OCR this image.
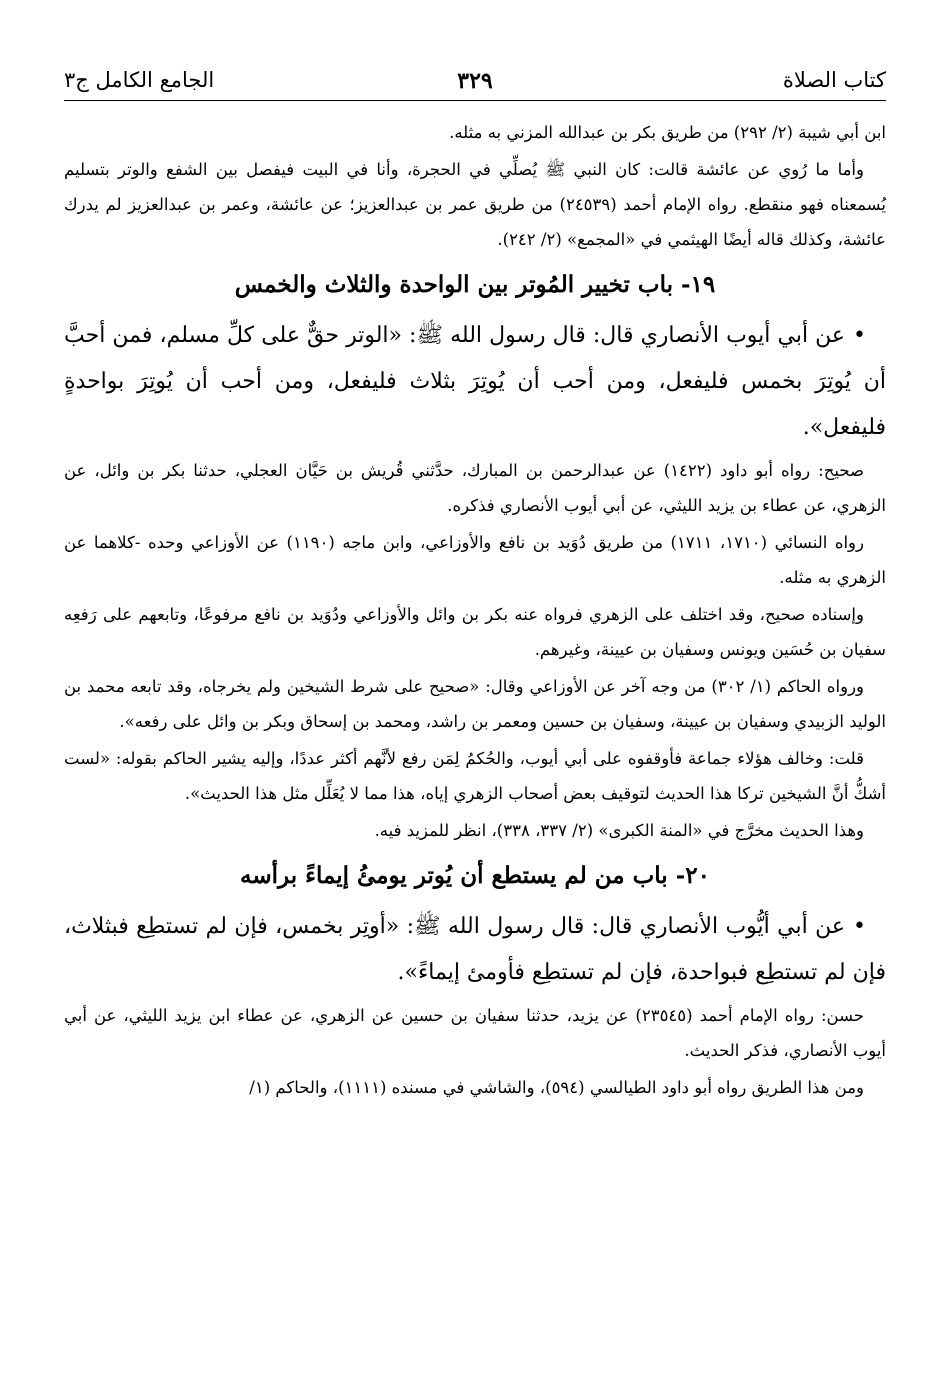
كتاب الصلاة
٣٢٩
الجامع الكامل ج٣

ابن أبي شيبة (٢/ ٢٩٢) من طريق بكر بن عبدالله المزني به مثله.

وأما ما رُوي عن عائشة قالت: كان النبي ﷺ يُصلِّي في الحجرة، وأنا في البيت فيفصل بين الشفع والوتر بتسليم يُسمعناه فهو منقطع. رواه الإمام أحمد (٢٤٥٣٩) من طريق عمر بن عبدالعزيز؛ عن عائشة، وعمر بن عبدالعزيز لم يدرك عائشة، وكذلك قاله أيضًا الهيثمي في «المجمع» (٢/ ٢٤٢).

١٩- باب تخيير المُوتر بين الواحدة والثلاث والخمس

•عن أبي أيوب الأنصاري قال: قال رسول الله ﷺ: «الوتر حقٌّ على كلِّ مسلم، فمن أحبَّ أن يُوتِرَ بخمس فليفعل، ومن أحب أن يُوتِرَ بثلاث فليفعل، ومن أحب أن يُوتِرَ بواحدةٍ فليفعل».

صحيح: رواه أبو داود (١٤٢٢) عن عبدالرحمن بن المبارك، حدَّثني قُريش بن حَيَّان العجلي، حدثنا بكر بن وائل، عن الزهري، عن عطاء بن يزيد الليثي، عن أبي أيوب الأنصاري فذكره.

رواه النسائي (١٧١٠، ١٧١١) من طريق دُوَيد بن نافع والأوزاعي، وابن ماجه (١١٩٠) عن الأوزاعي وحده -كلاهما عن الزهري به مثله.

وإسناده صحيح، وقد اختلف على الزهري فرواه عنه بكر بن وائل والأوزاعي ودُوَيد بن نافع مرفوعًا، وتابعهم على رَفعِه سفيان بن حُسَين ويونس وسفيان بن عيينة، وغيرهم.

ورواه الحاكم (١/ ٣٠٢) من وجه آخر عن الأوزاعي وقال: «صحيح على شرط الشيخين ولم يخرجاه، وقد تابعه محمد بن الوليد الزبيدي وسفيان بن عيينة، وسفيان بن حسين ومعمر بن راشد، ومحمد بن إسحاق وبكر بن وائل على رفعه».

قلت: وخالف هؤلاء جماعة فأوقفوه على أبي أيوب، والحُكمُ لِمَن رفع لأنَّهم أكثر عددًا، وإليه يشير الحاكم بقوله: «لست أشكُّ أنَّ الشيخين تركا هذا الحديث لتوقيف بعض أصحاب الزهري إياه، هذا مما لا يُعَلِّل مثل هذا الحديث».

وهذا الحديث مخرَّج في «المنة الكبرى» (٢/ ٣٣٧، ٣٣٨)، انظر للمزيد فيه.

٢٠- باب من لم يستطع أن يُوتر يومئُ إيماءً برأسه

•عن أبي أيُّوب الأنصاري قال: قال رسول الله ﷺ: «أوتِر بخمس، فإن لم تستطِع فبثلاث، فإن لم تستطِع فبواحدة، فإن لم تستطِع فأومئ إيماءً».

حسن: رواه الإمام أحمد (٢٣٥٤٥) عن يزيد، حدثنا سفيان بن حسين عن الزهري، عن عطاء ابن يزيد الليثي، عن أبي أيوب الأنصاري، فذكر الحديث.

ومن هذا الطريق رواه أبو داود الطيالسي (٥٩٤)، والشاشي في مسنده (١١١١)، والحاكم (١/
